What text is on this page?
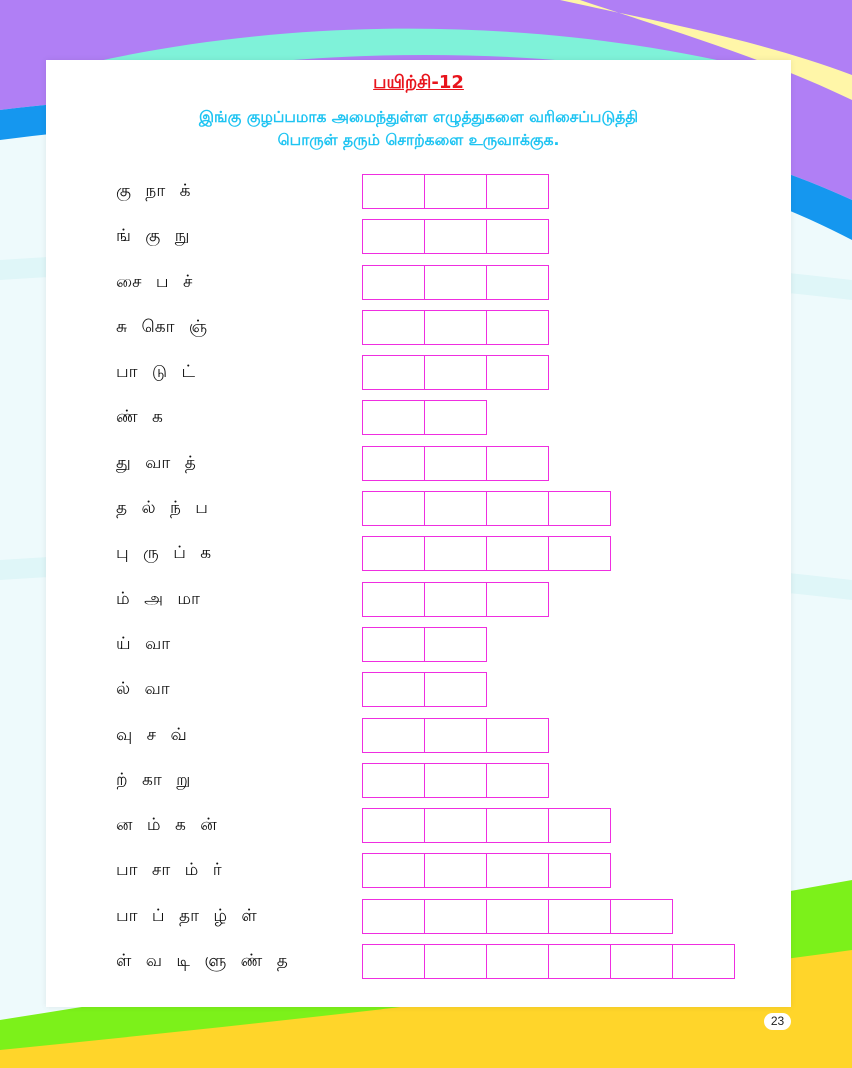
பயிற்சி-12
இங்கு குழப்பமாக அமைந்துள்ள எழுத்துகளை வரிசைப்படுத்தி
பொருள் தரும் சொற்களை உருவாக்குக.
கு நா க்
ங் கு நு
சை ப ச்
சு கொ ஞ்
பா டு ட்
ண் க
து வா த்
த ல் ந் ப
பு ரு ப் க
ம் அ மா
ய் வா
ல் வா
வு ச வ்
ற் கா று
ன ம் க ன்
பா சா ம் ர்
பா ப் தா ழ் ள்
ள் வ டி ளு ண் த
23
